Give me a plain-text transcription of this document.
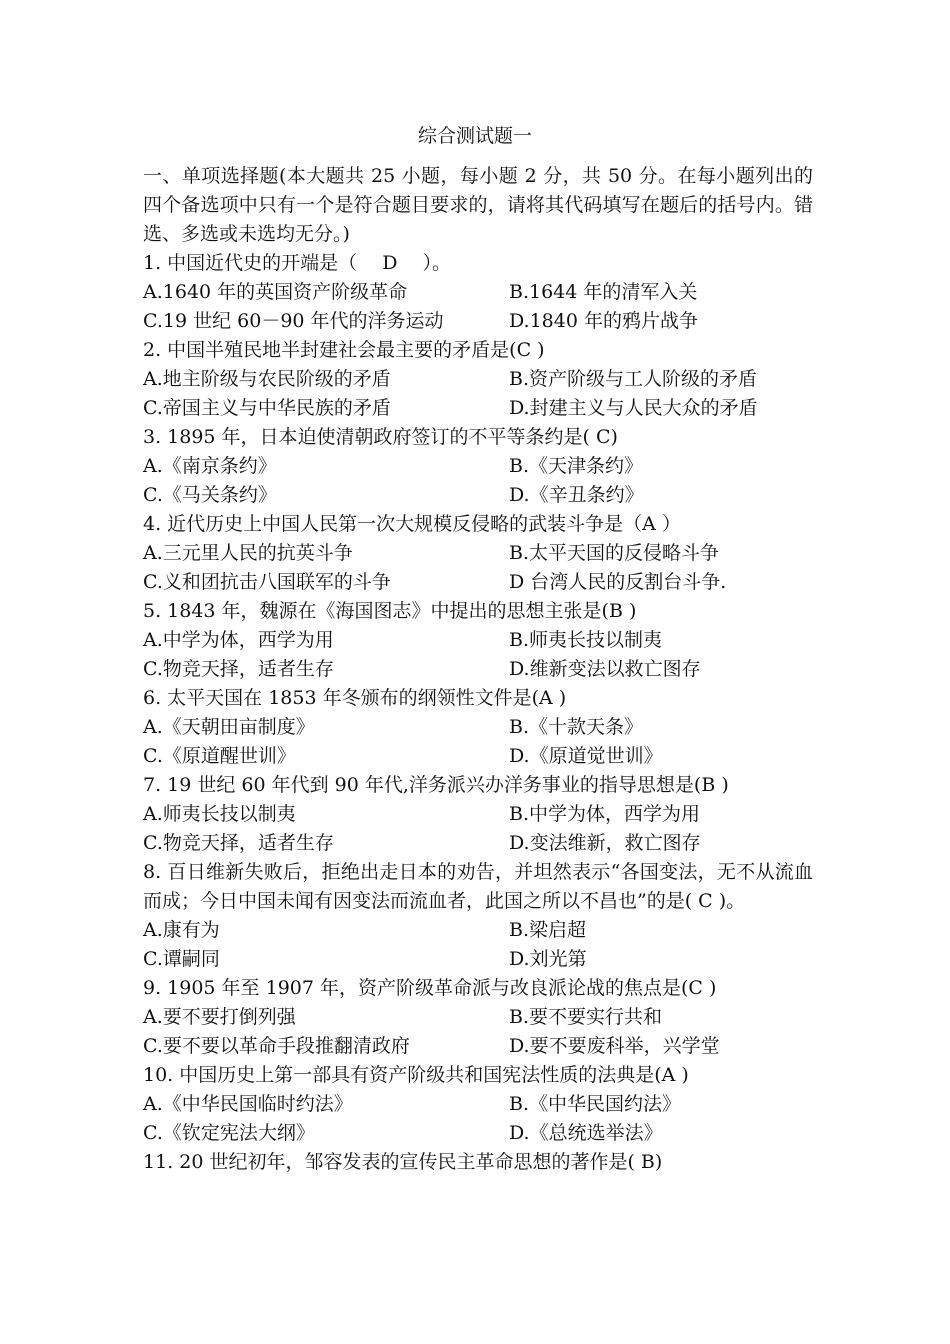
综合测试题一

一、单项选择题(本大题共 25 小题，每小题 2 分，共 50 分。在每小题列出的四个备选项中只有一个是符合题目要求的，请将其代码填写在题后的括号内。错选、多选或未选均无分。)

1. 中国近代史的开端是（　 D 　）。

A.1640 年的英国资产阶级革命	B.1644 年的清军入关
C.19 世纪 60－90 年代的洋务运动	D.1840 年的鸦片战争

2. 中国半殖民地半封建社会最主要的矛盾是(C )

A.地主阶级与农民阶级的矛盾	B.资产阶级与工人阶级的矛盾
C.帝国主义与中华民族的矛盾	D.封建主义与人民大众的矛盾

3. 1895 年，日本迫使清朝政府签订的不平等条约是( C)

A.《南京条约》	B.《天津条约》
C.《马关条约》	D.《辛丑条约》

4. 近代历史上中国人民第一次大规模反侵略的武装斗争是（A ）

A.三元里人民的抗英斗争	B.太平天国的反侵略斗争
C.义和团抗击八国联军的斗争	D 台湾人民的反割台斗争.

5. 1843 年，魏源在《海国图志》中提出的思想主张是(B )

A.中学为体，西学为用	B.师夷长技以制夷
C.物竞天择，适者生存	D.维新变法以救亡图存

6. 太平天国在 1853 年冬颁布的纲领性文件是(A )

A.《天朝田亩制度》	B.《十款天条》
C.《原道醒世训》	D.《原道觉世训》

7. 19 世纪 60 年代到 90 年代,洋务派兴办洋务事业的指导思想是(B )

A.师夷长技以制夷	B.中学为体，西学为用
C.物竞天择，适者生存	D.变法维新，救亡图存

8. 百日维新失败后，拒绝出走日本的劝告，并坦然表示“各国变法，无不从流血而成；今日中国未闻有因变法而流血者，此国之所以不昌也”的是( C )。

A.康有为	B.梁启超
C.谭嗣同	D.刘光第

9. 1905 年至 1907 年，资产阶级革命派与改良派论战的焦点是(C )

A.要不要打倒列强	B.要不要实行共和
C.要不要以革命手段推翻清政府	D.要不要废科举，兴学堂

10. 中国历史上第一部具有资产阶级共和国宪法性质的法典是(A )

A.《中华民国临时约法》	B.《中华民国约法》
C.《钦定宪法大纲》	D.《总统选举法》

11. 20 世纪初年，邹容发表的宣传民主革命思想的著作是( B)
